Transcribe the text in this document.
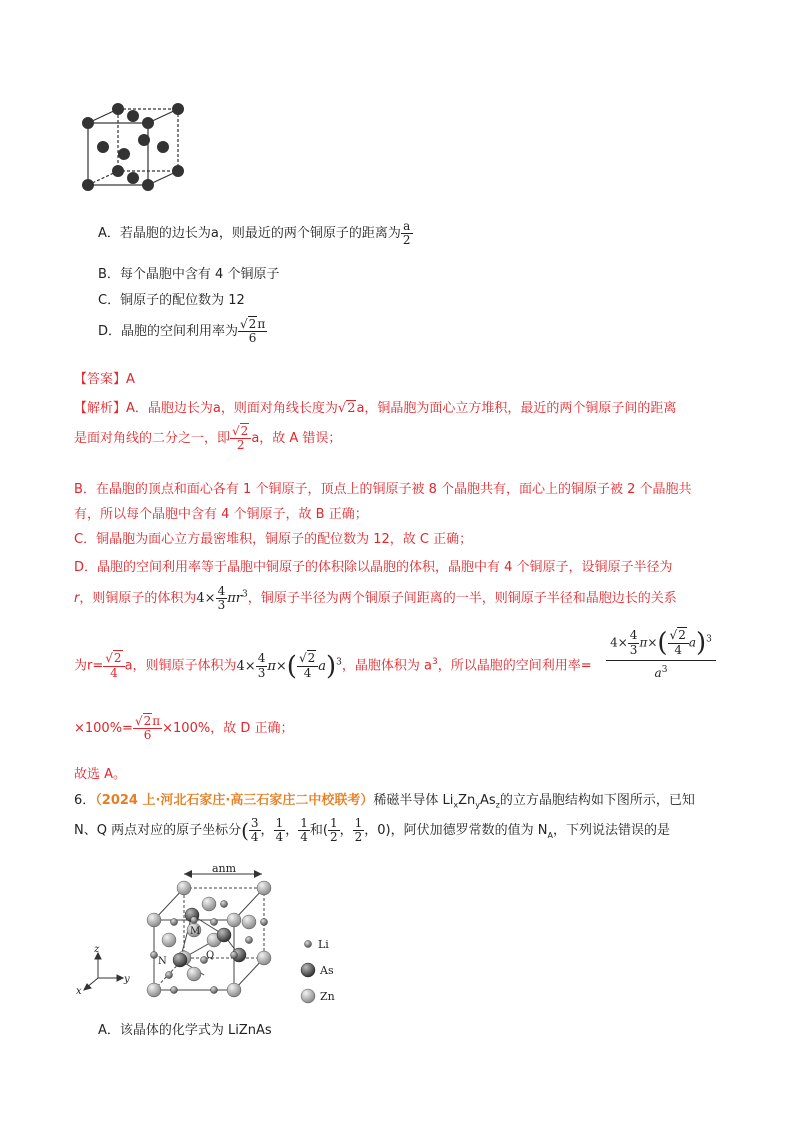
A．若晶胞的边长为a，则最近的两个铜原子的距离为 $\frac{a}{2}$
B．每个晶胞中含有 4 个铜原子
C．铜原子的配位数为 12
D．晶胞的空间利用率为 $\frac{√2\pi}{6}$
【答案】A
【解析】A．晶胞边长为a，则面对角线长度为√2a，铜晶胞为面心立方堆积，最近的两个铜原子间的距离
是面对角线的二分之一，即 $\frac{√2}{2}$ a，故 A 错误；
B．在晶胞的顶点和面心各有 1 个铜原子，顶点上的铜原子被 8 个晶胞共有，面心上的铜原子被 2 个晶胞共
有，所以每个晶胞中含有 4 个铜原子，故 B 正确；
C．铜晶胞为面心立方最密堆积，铜原子的配位数为 12，故 C 正确；
D．晶胞的空间利用率等于晶胞中铜原子的体积除以晶胞的体积，晶胞中有 4 个铜原子，设铜原子半径为
r，则铜原子的体积为$4\times \frac{4}{3} \pi r^3$，铜原子半径为两个铜原子间距离的一半，则铜原子半径和晶胞边长的关系
为$r= \frac{√2}{4}$ a，则铜原子体积为$4\times \frac{4}{3} \pi\times( \frac{√2}{4} a)^3$，晶胞体积为 $a^3$，所以晶胞的空间利用率=
$4\times \frac{4}{3} \pi\times( \frac{√2}{4} a)^3$
$a^3$
$\times 100\%= \frac{√2\pi}{6} \times 100\%$，故 D 正确；
故选 A。
6．（2024 上·河北石家庄·高三石家庄二中校联考）稀磁半导体 $Li_xZn_yAs_z$的立方晶胞结构如下图所示，已知
N、Q 两点对应的原子坐标分( $\frac{3}{4}$ ， $\frac{1}{4}$ ， $\frac{1}{4}$ 和( $\frac{1}{2}$ ， $\frac{1}{2}$ ，0)，阿伏加德罗常数的值为 $N_A$，下列说法错误的是
anm
M
N
Q
z
y
x
Li
As
Zn
A．该晶体的化学式为 LiZnAs
